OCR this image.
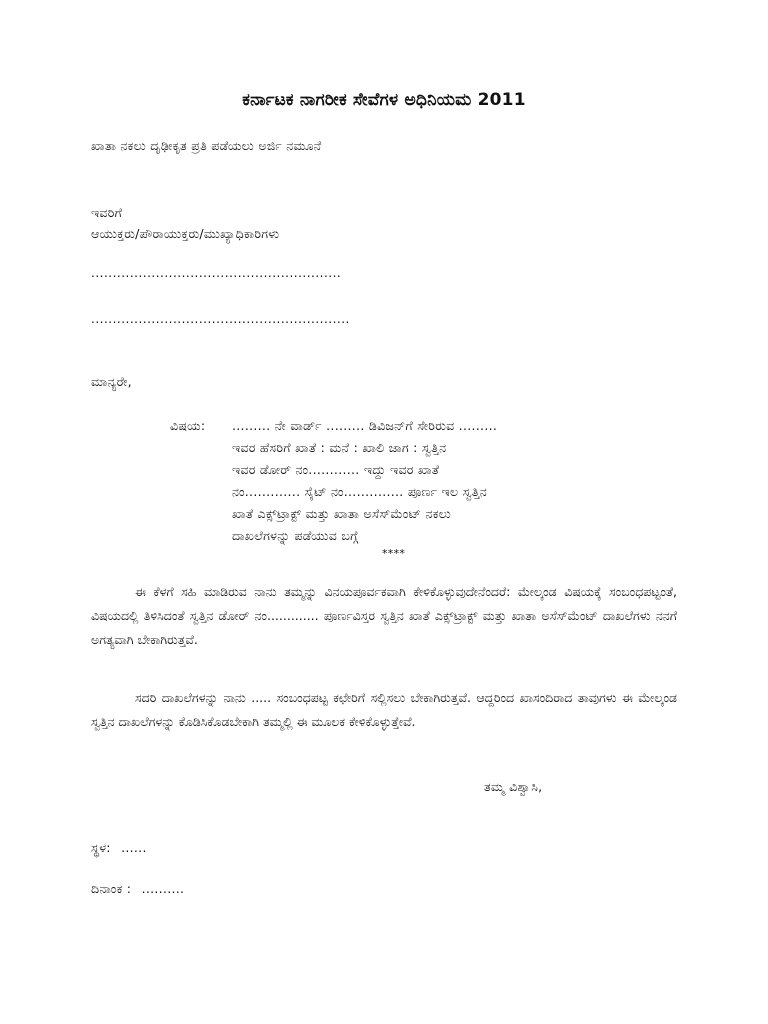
ಕರ್ನಾಟಕ ನಾಗರೀಕ ಸೇವೆಗಳ ಅಧಿನಿಯಮ 2011
ಖಾತಾ ನಕಲು ದೃಢೀಕೃತ ಪ್ರತಿ ಪಡೆಯಲು ಅರ್ಜಿ ನಮೂನೆ
ಇವರಿಗೆ
ಆಯುಕ್ತರು/ಪೌರಾಯುಕ್ತರು/ಮುಖ್ಯಾಧಿಕಾರಿಗಳು
..........................................................
............................................................
ಮಾನ್ಯರೇ,
ವಿಷಯ: ......... ನೇ ವಾರ್ಡ್ ......... ಡಿವಿಜನ್‌ಗೆ ಸೇರಿರುವ .........
ಇವರ ಹೆಸರಿಗೆ ಖಾತೆ : ಮನೆ : ಖಾಲಿ ಜಾಗ : ಸ್ವತ್ತಿನ
ಇವರ ಡೋರ್ ನಂ............ ಇದ್ದು ಇವರ ಖಾತೆ
ನಂ............. ಸೈಟ್ ನಂ.............. ಪೂರ್ಣ ಇಲ ಸ್ವತ್ತಿನ
ಖಾತೆ ಎಕ್ಸ್‌ಟ್ರಾಕ್ಟ್ ಮತ್ತು ಖಾತಾ ಅಸೆಸ್‌ಮೆಂಟ್ ನಕಲು
ದಾಖಲೆಗಳನ್ನು ಪಡೆಯುವ ಬಗ್ಗೆ
****
ಈ ಕೆಳಗೆ ಸಹಿ ಮಾಡಿರುವ ನಾನು ತಮ್ಮನ್ನು ವಿನಯಪೂರ್ವಕವಾಗಿ ಕೇಳಿಕೊಳ್ಳುವುದೇನೆಂದರೆ: ಮೇಲ್ಕಂಡ ವಿಷಯಕ್ಕೆ ಸಂಬಂಧಪಟ್ಟಂತೆ, ವಿಷಯದಲ್ಲಿ ತಿಳಿಸಿದಂತೆ ಸ್ವತ್ತಿನ ಡೋರ್ ನಂ............. ಪೂರ್ಣವಿಸ್ತರ ಸ್ವತ್ತಿನ ಖಾತೆ ಎಕ್ಸ್‌ಟ್ರಾಕ್ಟ್ ಮತ್ತು ಖಾತಾ ಅಸೆಸ್‌ಮೆಂಟ್ ದಾಖಲೆಗಳು ನನಗೆ ಅಗತ್ಯವಾಗಿ ಬೇಕಾಗಿರುತ್ತವೆ.
ಸದರಿ ದಾಖಲೆಗಳನ್ನು ನಾನು ..... ಸಂಬಂಧಪಟ್ಟ ಕಛೇರಿಗೆ ಸಲ್ಲಿಸಲು ಬೇಕಾಗಿರುತ್ತವೆ. ಆದ್ದರಿಂದ ಖಾಸಂದಿರಾದ ತಾವುಗಳು ಈ ಮೇಲ್ಕಂಡ ಸ್ವತ್ತಿನ ದಾಖಲೆಗಳನ್ನು ಕೊಡಿಸಿಕೊಡಬೇಕಾಗಿ ತಮ್ಮಲ್ಲಿ ಈ ಮೂಲಕ ಕೇಳಿಕೊಳ್ಳುತ್ತೇವೆ.
ತಮ್ಮ ವಿಶ್ವಾಸಿ,
ಸ್ಥಳ: ......
ದಿನಾಂಕ : ..........
